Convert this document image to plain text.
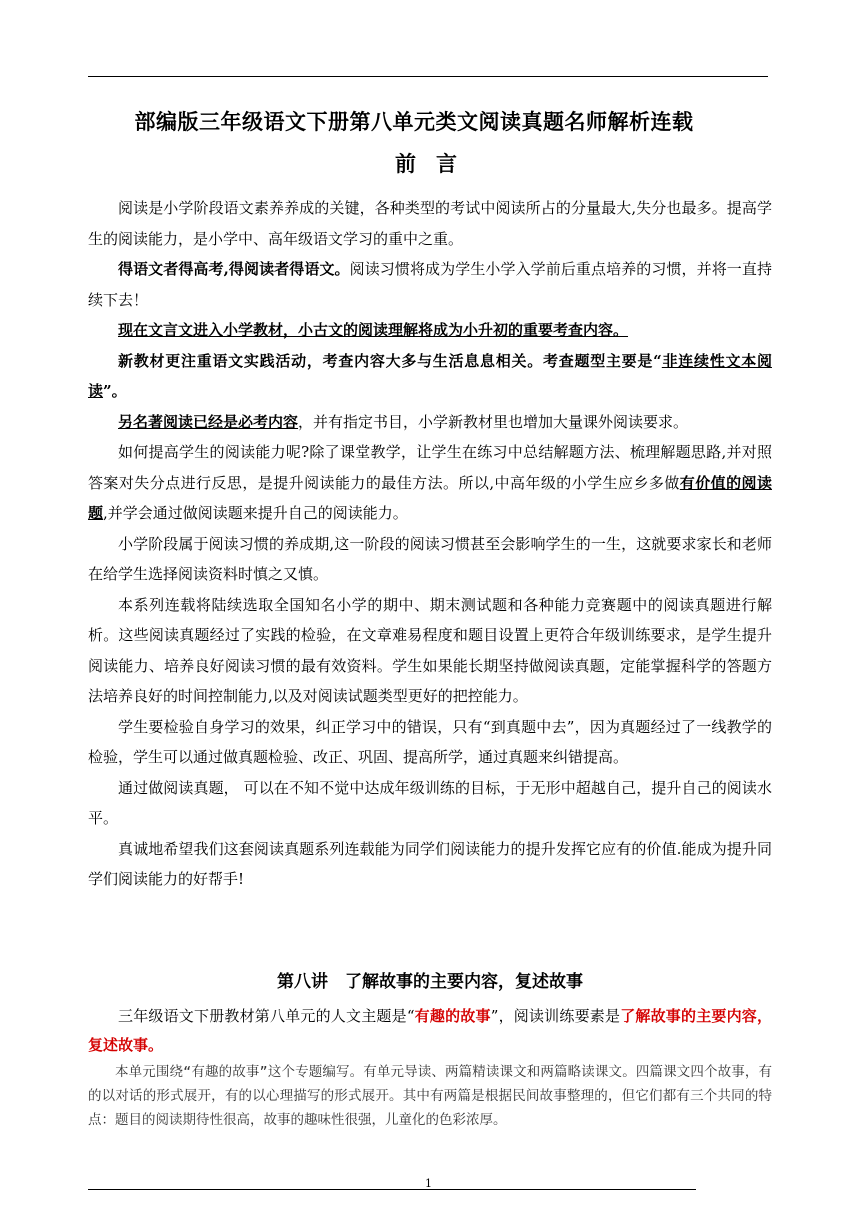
部编版三年级语文下册第八单元类文阅读真题名师解析连载
前言

阅读是小学阶段语文素养养成的关键，各种类型的考试中阅读所占的分量最大,失分也最多。提高学生的阅读能力，是小学中、高年级语文学习的重中之重。

得语文者得高考,得阅读者得语文。阅读习惯将成为学生小学入学前后重点培养的习惯，并将一直持续下去！

现在文言文进入小学教材，小古文的阅读理解将成为小升初的重要考查内容。

新教材更注重语文实践活动，考查内容大多与生活息息相关。考查题型主要是“非连续性文本阅读”。

另名著阅读已经是必考内容，并有指定书目，小学新教材里也增加大量课外阅读要求。

如何提高学生的阅读能力呢?除了课堂教学，让学生在练习中总结解题方法、梳理解题思路,并对照答案对失分点进行反思，是提升阅读能力的最佳方法。所以,中高年级的小学生应乡多做有价值的阅读题,并学会通过做阅读题来提升自己的阅读能力。

小学阶段属于阅读习惯的养成期,这一阶段的阅读习惯甚至会影响学生的一生，这就要求家长和老师在给学生选择阅读资料时慎之又慎。

本系列连载将陆续选取全国知名小学的期中、期末测试题和各种能力竞赛题中的阅读真题进行解析。这些阅读真题经过了实践的检验，在文章难易程度和题目设置上更符合年级训练要求，是学生提升阅读能力、培养良好阅读习惯的最有效资料。学生如果能长期坚持做阅读真题，定能掌握科学的答题方法培养良好的时间控制能力,以及对阅读试题类型更好的把控能力。

学生要检验自身学习的效果，纠正学习中的错误，只有“到真题中去”，因为真题经过了一线教学的检验，学生可以通过做真题检验、改正、巩固、提高所学，通过真题来纠错提高。

通过做阅读真题， 可以在不知不觉中达成年级训练的目标，于无形中超越自己，提升自己的阅读水平。

真诚地希望我们这套阅读真题系列连载能为同学们阅读能力的提升发挥它应有的价值.能成为提升同学们阅读能力的好帮手!

第八讲　了解故事的主要内容，复述故事

三年级语文下册教材第八单元的人文主题是“有趣的故事”，阅读训练要素是了解故事的主要内容，复述故事。

本单元围绕“有趣的故事”这个专题编写。有单元导读、两篇精读课文和两篇略读课文。四篇课文四个故事，有的以对话的形式展开，有的以心理描写的形式展开。其中有两篇是根据民间故事整理的，但它们都有三个共同的特点：题目的阅读期待性很高，故事的趣味性很强，儿童化的色彩浓厚。

1
